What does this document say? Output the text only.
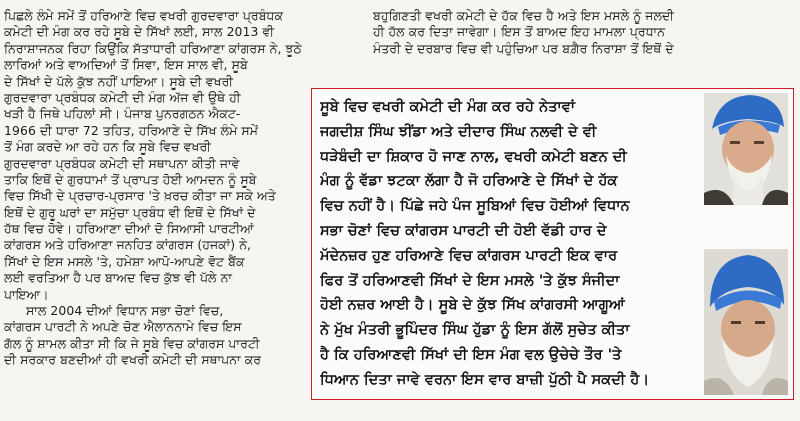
ਪਿਛਲੇ ਲੰਮੇ ਸਮੇਂ ਤੋਂ ਹਰਿਆਣੇ ਵਿਚ ਵਖਰੀ ਗੁਰਦਵਾਰਾ ਪ੍ਰਬੰਧਕ
ਕਮੇਟੀ ਦੀ ਮੰਗ ਕਰ ਰਹੇ ਸੂਬੇ ਦੇ ਸਿੱਖਾਂ ਲਈ, ਸਾਲ 2013 ਵੀ
ਨਿਰਾਸ਼ਾਜਨਕ ਰਿਹਾ ਕਿਉਂਕਿ ਸੱਤਾਧਾਰੀ ਹਰਿਆਣਾ ਕਾਂਗਰਸ ਨੇ, ਝੂਠੇ
ਲਾਰਿਆਂ ਅਤੇ ਵਾਅਦਿਆਂ ਤੋਂ ਸਿਵਾ, ਇਸ ਸਾਲ ਵੀ, ਸੂਬੇ
ਦੇ ਸਿੱਖਾਂ ਦੇ ਪੱਲੇ ਕੁੱਝ ਨਹੀਂ ਪਾਇਆ। ਸੂਬੇ ਦੀ ਵਖਰੀ
ਗੁਰਦਵਾਰਾ ਪ੍ਰਬੰਧਕ ਕਮੇਟੀ ਦੀ ਮੰਗ ਅੱਜ ਵੀ ਉਥੇ ਹੀ
ਖੜੀ ਹੈ ਜਿਥੇ ਪਹਿਲਾਂ ਸੀ। ਪੰਜਾਬ ਪੁਨਰਗਠਨ ਐਕਟ-
1966 ਦੀ ਧਾਰਾ 72 ਤਹਿਤ, ਹਰਿਆਣੇ ਦੇ ਸਿੱਖ ਲੰਮੇ ਸਮੇਂ
ਤੋਂ ਮੰਗ ਕਰਦੇ ਆ ਰਹੇ ਹਨ ਕਿ ਸੂਬੇ ਵਿਚ ਵਖਰੀ
ਗੁਰਦਵਾਰਾ ਪ੍ਰਬੰਧਕ ਕਮੇਟੀ ਦੀ ਸਥਾਪਨਾ ਕੀਤੀ ਜਾਵੇ
ਤਾਕਿ ਇਥੋਂ ਦੇ ਗੁਰਧਾਮਾਂ ਤੋਂ ਪ੍ਰਾਪਤ ਹੋਈ ਆਮਦਨ ਨੂੰ ਸੂਬੇ
ਵਿਚ ਸਿੱਖੀ ਦੇ ਪ੍ਰਚਾਰ-ਪ੍ਰਸਾਰ 'ਤੇ ਖ਼ਰਚ ਕੀਤਾ ਜਾ ਸਕੇ ਅਤੇ
ਇਥੋਂ ਦੇ ਗੁਰੂ ਘਰਾਂ ਦਾ ਸਮੁੱਚਾ ਪ੍ਰਬੰਧ ਵੀ ਇਥੋਂ ਦੇ ਸਿੱਖਾਂ ਦੇ
ਹੱਥ ਵਿਚ ਹੋਵੇ। ਹਰਿਆਣਾ ਦੀਆਂ ਦੋ ਸਿਆਸੀ ਪਾਰਟੀਆਂ
ਕਾਂਗਰਸ ਅਤੇ ਹਰਿਆਣਾ ਜਨਹਿਤ ਕਾਂਗਰਸ (ਹਜਕਾਂ) ਨੇ,
ਸਿੱਖਾਂ ਦੇ ਇਸ ਮਸਲੇ 'ਤੇ, ਹਮੇਸ਼ਾ ਆਪੋ-ਆਪਣੇ ਵੋਟ ਬੈਂਕ
ਲਈ ਵਰਤਿਆ ਹੈ ਪਰ ਬਾਅਦ ਵਿਚ ਕੁੱਝ ਵੀ ਪੱਲੇ ਨਾ
ਪਾਇਆ।
ਸਾਲ 2004 ਦੀਆਂ ਵਿਧਾਨ ਸਭਾ ਚੋਣਾਂ ਵਿਚ,
ਕਾਂਗਰਸ ਪਾਰਟੀ ਨੇ ਅਪਣੇ ਚੋਣ ਐਲਾਨਨਾਮੇ ਵਿਚ ਇਸ
ਗੱਲ ਨੂੰ ਸ਼ਾਮਲ ਕੀਤਾ ਸੀ ਕਿ ਜੇ ਸੂਬੇ ਵਿਚ ਕਾਂਗਰਸ ਪਾਰਟੀ
ਦੀ ਸਰਕਾਰ ਬਣਦੀਆਂ ਹੀ ਵਖਰੀ ਕਮੇਟੀ ਦੀ ਸਥਾਪਨਾ ਕਰ
ਬਹੁਗਿਣਤੀ ਵਖਰੀ ਕਮੇਟੀ ਦੇ ਹੱਕ ਵਿਚ ਹੈ ਅਤੇ ਇਸ ਮਸਲੇ ਨੂੰ ਜਲਦੀ
ਹੀ ਹੱਲ ਕਰ ਦਿਤਾ ਜਾਵੇਗਾ। ਇਸ ਤੋਂ ਬਾਅਦ ਇਹ ਮਾਮਲਾ ਪ੍ਰਧਾਨ
ਮੰਤਰੀ ਦੇ ਦਰਬਾਰ ਵਿਚ ਵੀ ਪਹੁੰਚਿਆ ਪਰ ਬਗ਼ੈਰ ਨਿਰਾਸ਼ਾ ਤੋਂ ਇਥੋਂ ਦੇ
ਸੂਬੇ ਵਿਚ ਵਖਰੀ ਕਮੇਟੀ ਦੀ ਮੰਗ ਕਰ ਰਹੇ ਨੇਤਾਵਾਂ
ਜਗਦੀਸ਼ ਸਿੰਘ ਝੀਂਡਾ ਅਤੇ ਦੀਦਾਰ ਸਿੰਘ ਨਲਵੀ ਦੇ ਵੀ
ਧੜੇਬੰਦੀ ਦਾ ਸ਼ਿਕਾਰ ਹੋ ਜਾਣ ਨਾਲ, ਵਖਰੀ ਕਮੇਟੀ ਬਣਨ ਦੀ
ਮੰਗ ਨੂੰ ਵੱਡਾ ਝਟਕਾ ਲੱਗਾ ਹੈ ਜੋ ਹਰਿਆਣੇ ਦੇ ਸਿੱਖਾਂ ਦੇ ਹੱਕ
ਵਿਚ ਨਹੀਂ ਹੈ। ਪਿੱਛੇ ਜਹੇ ਪੰਜ ਸੂਬਿਆਂ ਵਿਚ ਹੋਈਆਂ ਵਿਧਾਨ
ਸਭਾ ਚੋਣਾਂ ਵਿਚ ਕਾਂਗਰਸ ਪਾਰਟੀ ਦੀ ਹੋਈ ਵੱਡੀ ਹਾਰ ਦੇ
ਮੱਦੇਨਜ਼ਰ ਹੁਣ ਹਰਿਆਣੇ ਵਿਚ ਕਾਂਗਰਸ ਪਾਰਟੀ ਇਕ ਵਾਰ
ਫਿਰ ਤੋਂ ਹਰਿਆਣਵੀ ਸਿੱਖਾਂ ਦੇ ਇਸ ਮਸਲੇ 'ਤੇ ਕੁੱਝ ਸੰਜੀਦਾ
ਹੋਈ ਨਜ਼ਰ ਆਈ ਹੈ। ਸੂਬੇ ਦੇ ਕੁੱਝ ਸਿੱਖ ਕਾਂਗਰਸੀ ਆਗੂਆਂ
ਨੇ ਮੁੱਖ ਮੰਤਰੀ ਭੂਪਿੰਦਰ ਸਿੰਘ ਹੁੱਡਾ ਨੂੰ ਇਸ ਗੱਲੋਂ ਸੁਚੇਤ ਕੀਤਾ
ਹੈ ਕਿ ਹਰਿਆਣਵੀ ਸਿੱਖਾਂ ਦੀ ਇਸ ਮੰਗ ਵਲ ਉਚੇਚੇ ਤੌਰ 'ਤੇ
ਧਿਆਨ ਦਿਤਾ ਜਾਵੇ ਵਰਨਾ ਇਸ ਵਾਰ ਬਾਜ਼ੀ ਪੁੱਠੀ ਪੈ ਸਕਦੀ ਹੈ।
